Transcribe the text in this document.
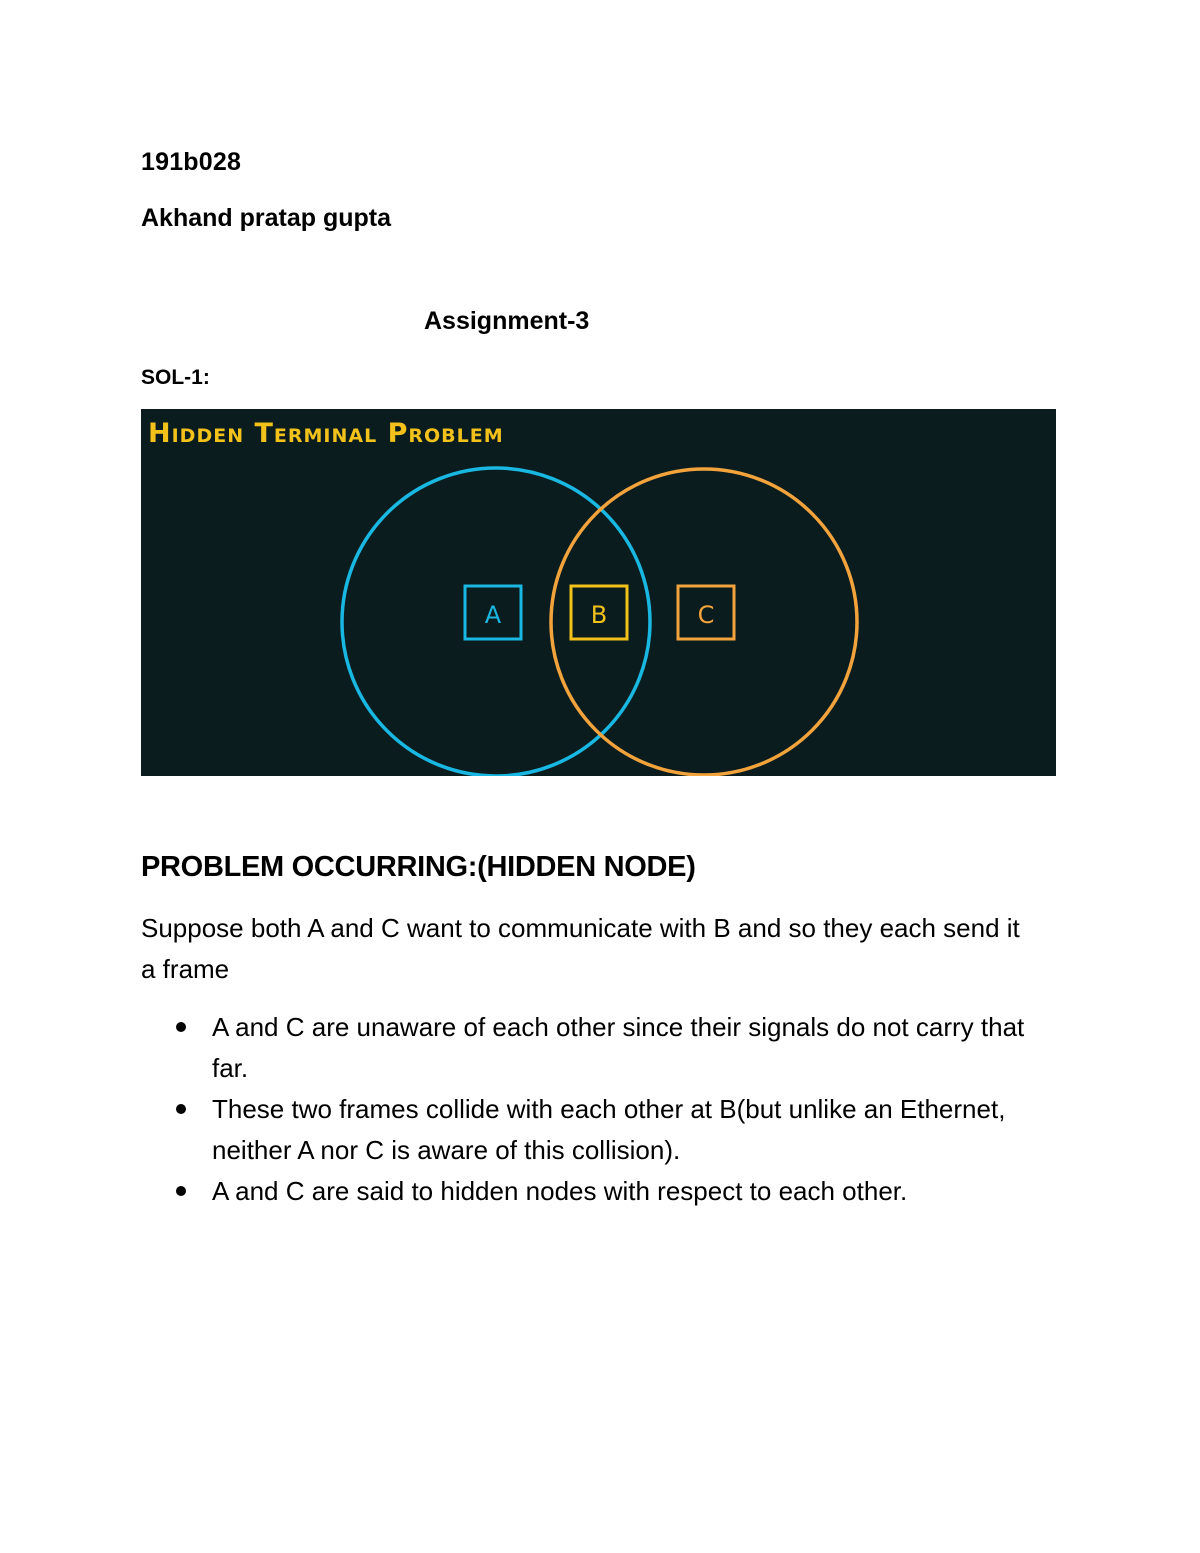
191b028
Akhand pratap gupta
Assignment-3
SOL-1:
Hidden Terminal Problem
A	B	C
PROBLEM OCCURRING:(HIDDEN NODE)
Suppose both A and C want to communicate with B and so they each send it a frame
A and C are unaware of each other since their signals do not carry that far.
These two frames collide with each other at B(but unlike an Ethernet, neither A nor C is aware of this collision).
A and C are said to hidden nodes with respect to each other.
